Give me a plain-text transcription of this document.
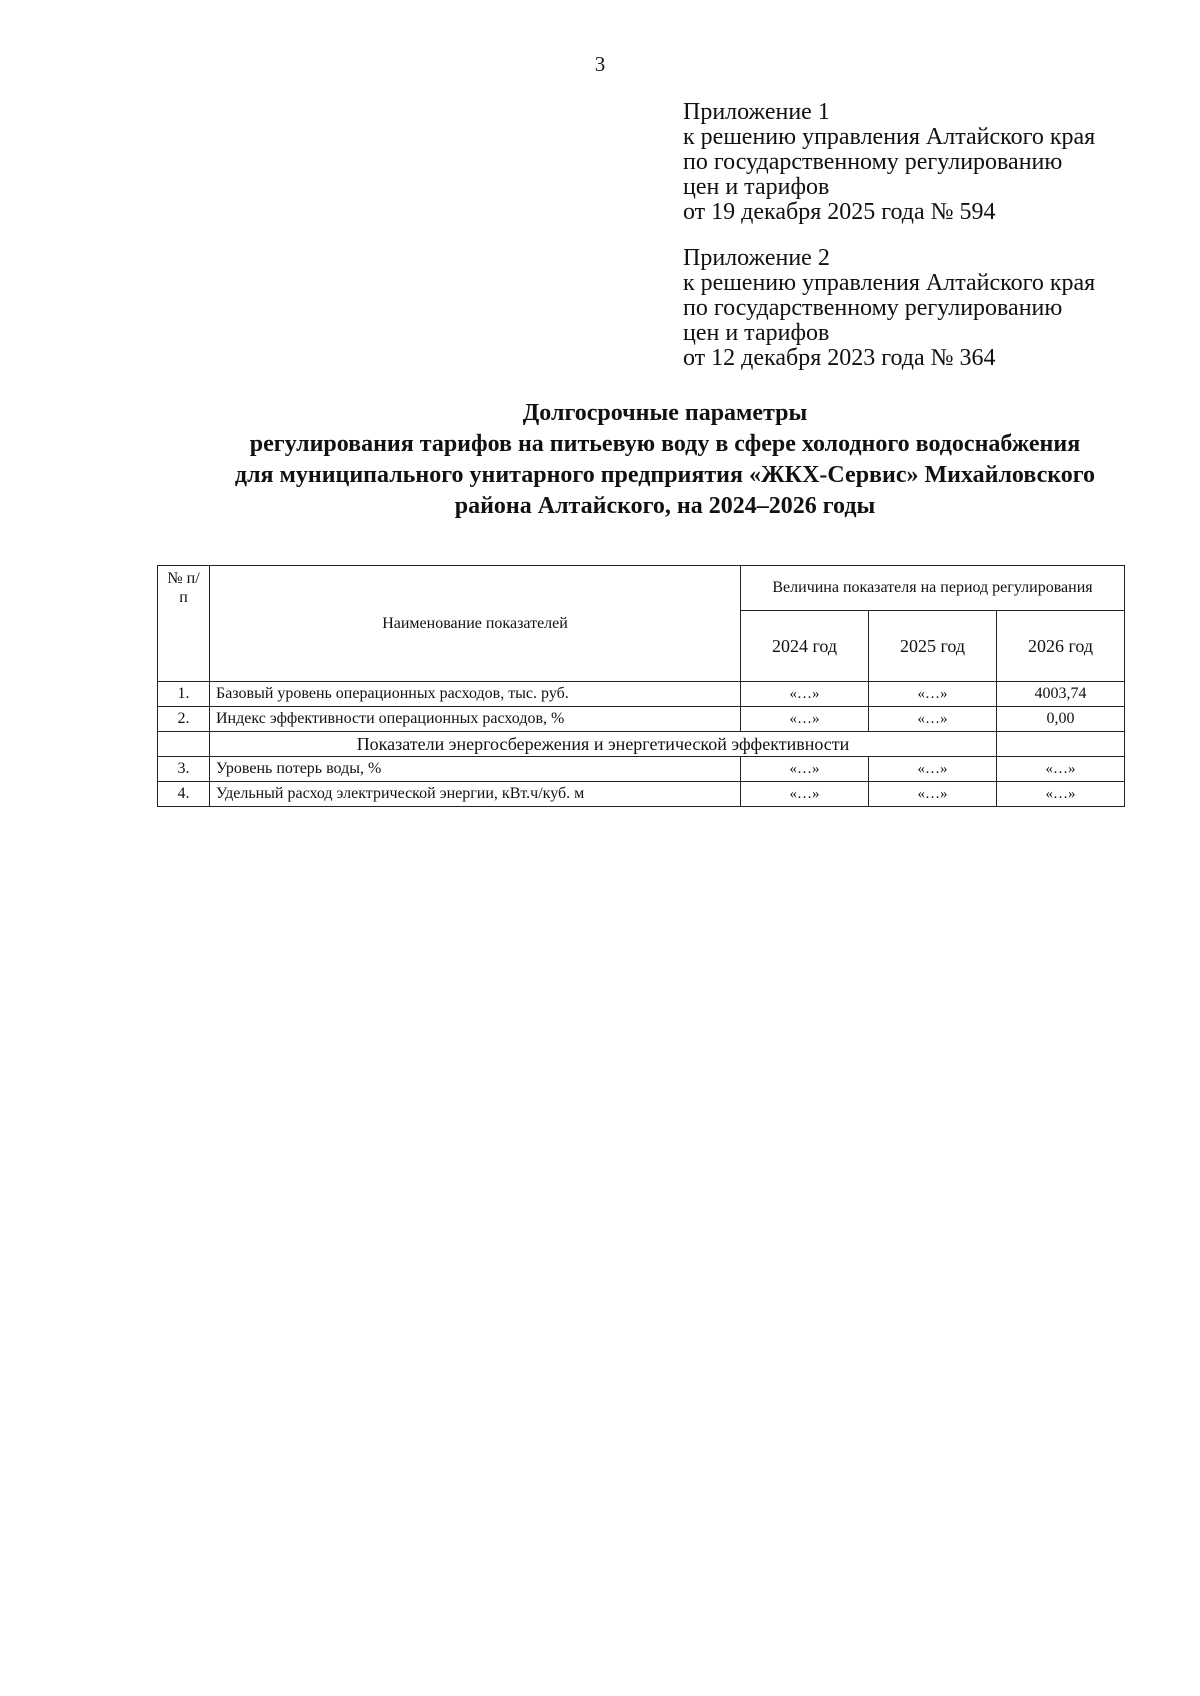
3
Приложение 1
к решению управления Алтайского края
по государственному регулированию
цен и тарифов
от 19 декабря 2025 года № 594
Приложение 2
к решению управления Алтайского края
по государственному регулированию
цен и тарифов
от 12 декабря 2023 года № 364
Долгосрочные параметры
регулирования тарифов на питьевую воду в сфере холодного водоснабжения
для муниципального унитарного предприятия «ЖКХ-Сервис» Михайловского
района Алтайского, на 2024–2026 годы
№ п/п	Наименование показателей	Величина показателя на период регулирования		
		2024 год	2025 год	2026 год
1.	Базовый уровень операционных расходов, тыс. руб.	«…»	«…»	4003,74
2.	Индекс эффективности операционных расходов, %	«…»	«…»	0,00
	Показатели энергосбережения и энергетической эффективности			
3.	Уровень потерь воды, %	«…»	«…»	«…»
4.	Удельный расход электрической энергии, кВт.ч/куб. м	«…»	«…»	«…»
